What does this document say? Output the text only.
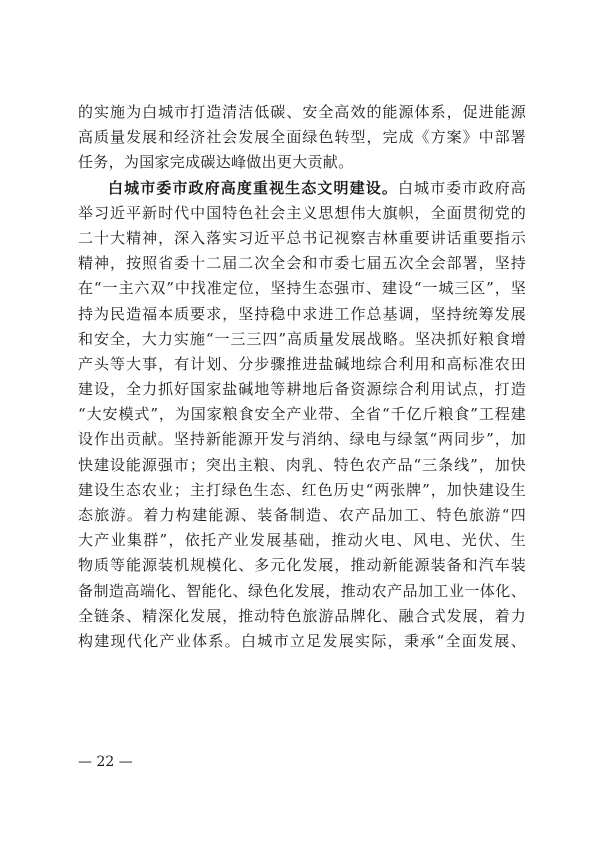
的实施为白城市打造清洁低碳、安全高效的能源体系，促进能源
高质量发展和经济社会发展全面绿色转型，完成《方案》中部署
任务，为国家完成碳达峰做出更大贡献。
白城市委市政府高度重视生态文明建设。白城市委市政府高
举习近平新时代中国特色社会主义思想伟大旗帜，全面贯彻党的
二十大精神，深入落实习近平总书记视察吉林重要讲话重要指示
精神，按照省委十二届二次全会和市委七届五次全会部署，坚持
在“一主六双”中找准定位，坚持生态强市、建设“一城三区”，坚
持为民造福本质要求，坚持稳中求进工作总基调，坚持统筹发展
和安全，大力实施“一三三四”高质量发展战略。坚决抓好粮食增
产头等大事，有计划、分步骤推进盐碱地综合利用和高标准农田
建设，全力抓好国家盐碱地等耕地后备资源综合利用试点，打造
“大安模式”，为国家粮食安全产业带、全省“千亿斤粮食”工程建
设作出贡献。坚持新能源开发与消纳、绿电与绿氢“两同步”，加
快建设能源强市；突出主粮、肉乳、特色农产品“三条线”，加快
建设生态农业；主打绿色生态、红色历史“两张牌”，加快建设生
态旅游。着力构建能源、装备制造、农产品加工、特色旅游“四
大产业集群”，依托产业发展基础，推动火电、风电、光伏、生
物质等能源装机规模化、多元化发展，推动新能源装备和汽车装
备制造高端化、智能化、绿色化发展，推动农产品加工业一体化、
全链条、精深化发展，推动特色旅游品牌化、融合式发展，着力
构建现代化产业体系。白城市立足发展实际，秉承“全面发展、
— 22 —
